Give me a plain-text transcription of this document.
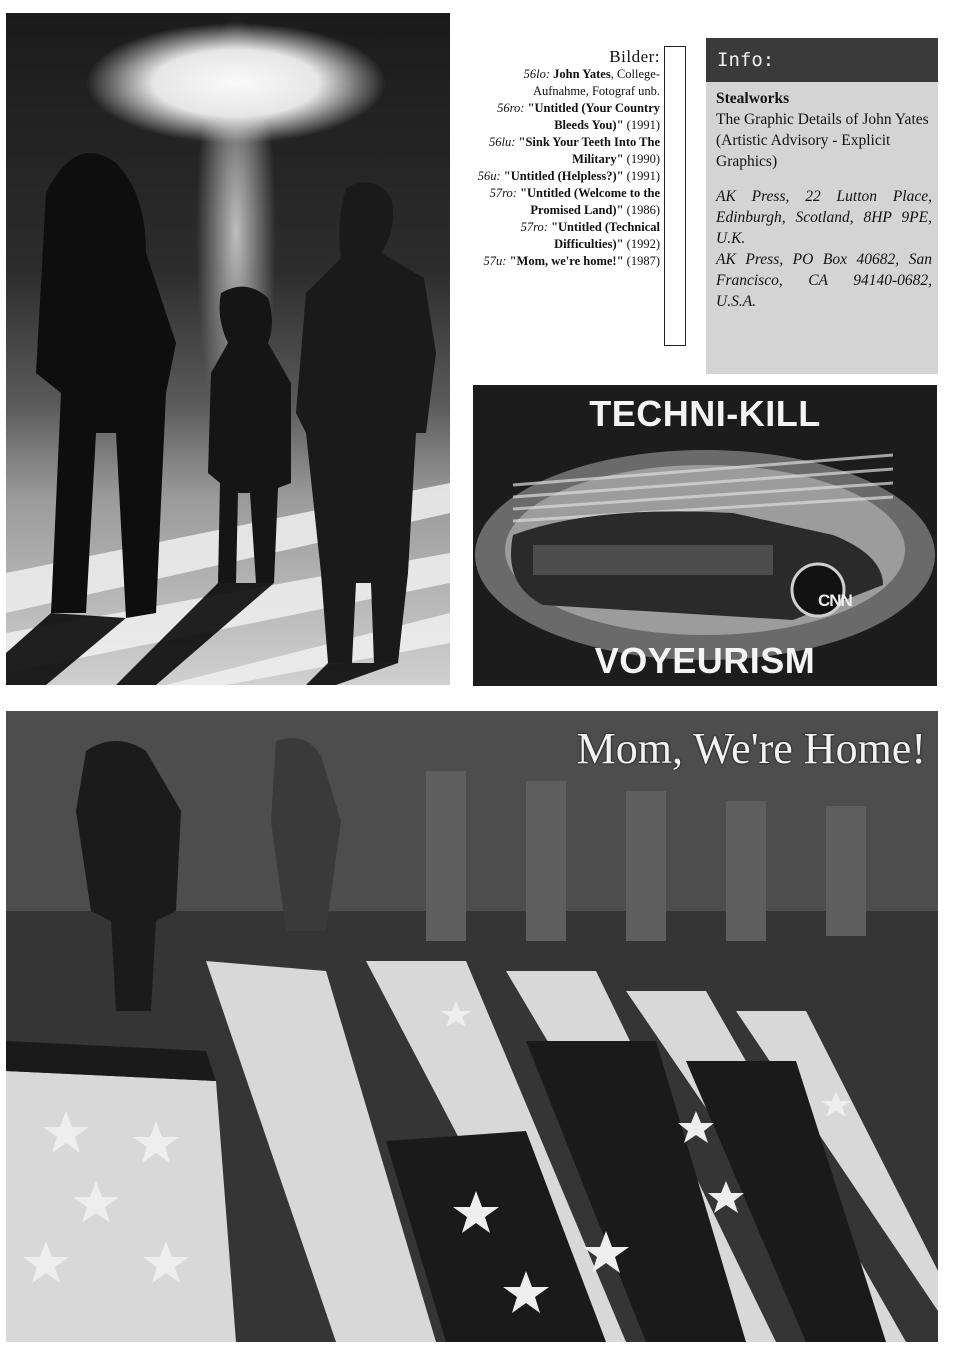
Bilder:
56lo: John Yates, College-Aufnahme, Fotograf unb.
56ro: "Untitled (Your Country Bleeds You)" (1991)
56lu: "Sink Your Teeth Into The Military" (1990)
56u: "Untitled (Helpless?)" (1991)
57ro: "Untitled (Welcome to the Promised Land)" (1986)
57ro: "Untitled (Technical Difficulties)" (1992)
57u: "Mom, we're home!" (1987)
Info:

Stealworks

The Graphic Details of John Yates

(Artistic Advisory - Explicit Graphics)

AK Press, 22 Lutton Place, Edinburgh, Scotland, 8HP 9PE, U.K.

AK Press, PO Box 40682, San Francisco, CA 94140-0682, U.S.A.

TECHNI-KILL
CNN
VOYEURISM
Mom, We're Home!
